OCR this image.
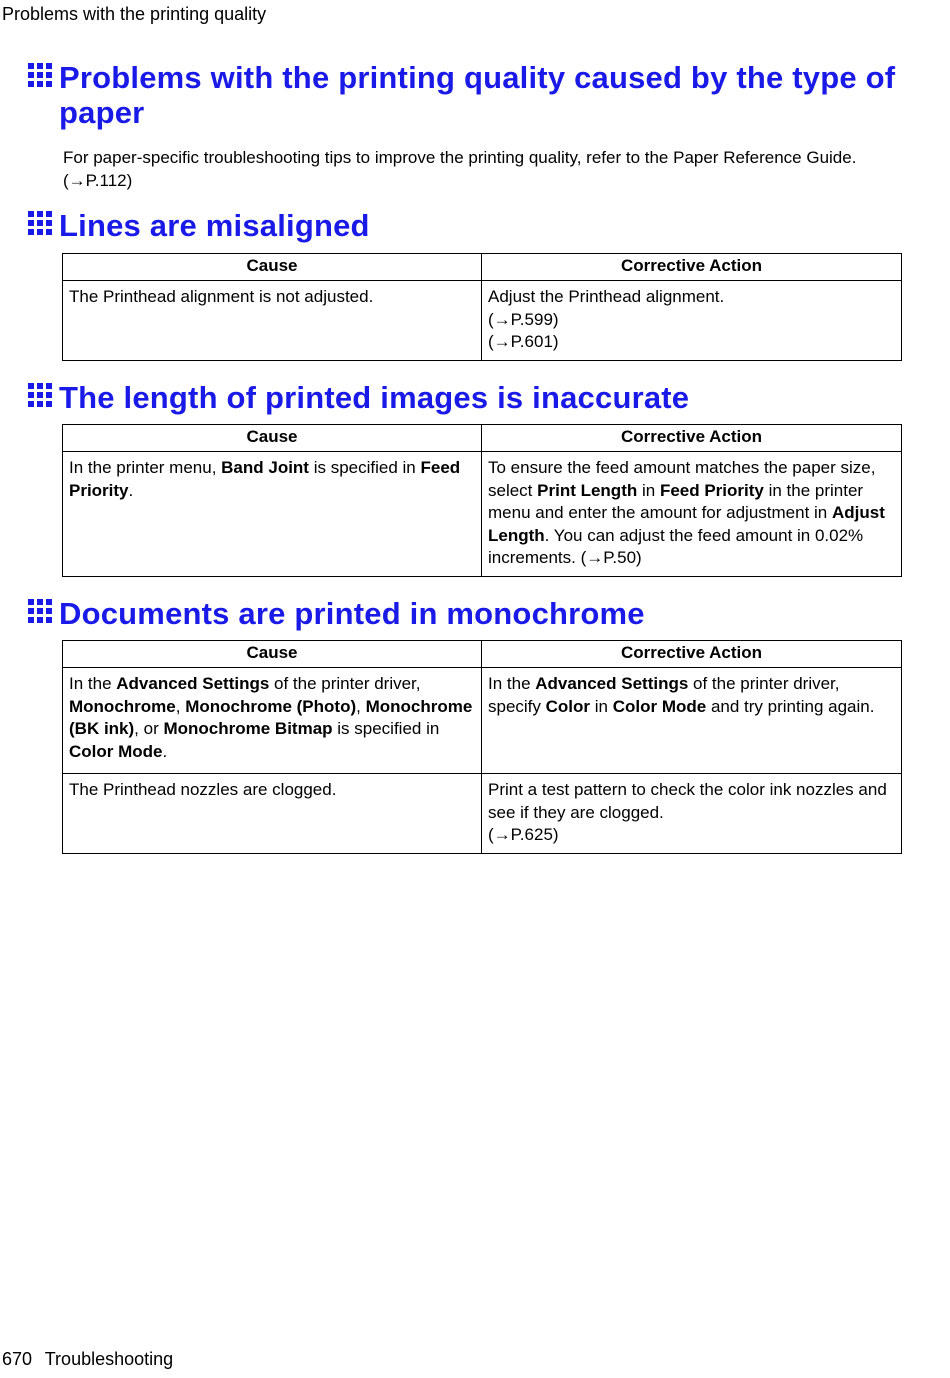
Problems with the printing quality
Problems with the printing quality caused by the type of paper
For paper-specific troubleshooting tips to improve the printing quality, refer to the Paper Reference Guide.
(→P.112)
Lines are misaligned
Cause	Corrective Action
The Printhead alignment is not adjusted.	Adjust the Printhead alignment.
(→P.599)
(→P.601)
The length of printed images is inaccurate
Cause	Corrective Action
In the printer menu, Band Joint is specified in Feed Priority.	To ensure the feed amount matches the paper size, select Print Length in Feed Priority in the printer menu and enter the amount for adjustment in Adjust Length. You can adjust the feed amount in 0.02% increments. (→P.50)
Documents are printed in monochrome
Cause	Corrective Action
In the Advanced Settings of the printer driver, Monochrome, Monochrome (Photo), Monochrome (BK ink), or Monochrome Bitmap is specified in Color Mode.	In the Advanced Settings of the printer driver, specify Color in Color Mode and try printing again.
The Printhead nozzles are clogged.	Print a test pattern to check the color ink nozzles and see if they are clogged.
(→P.625)
670 Troubleshooting
